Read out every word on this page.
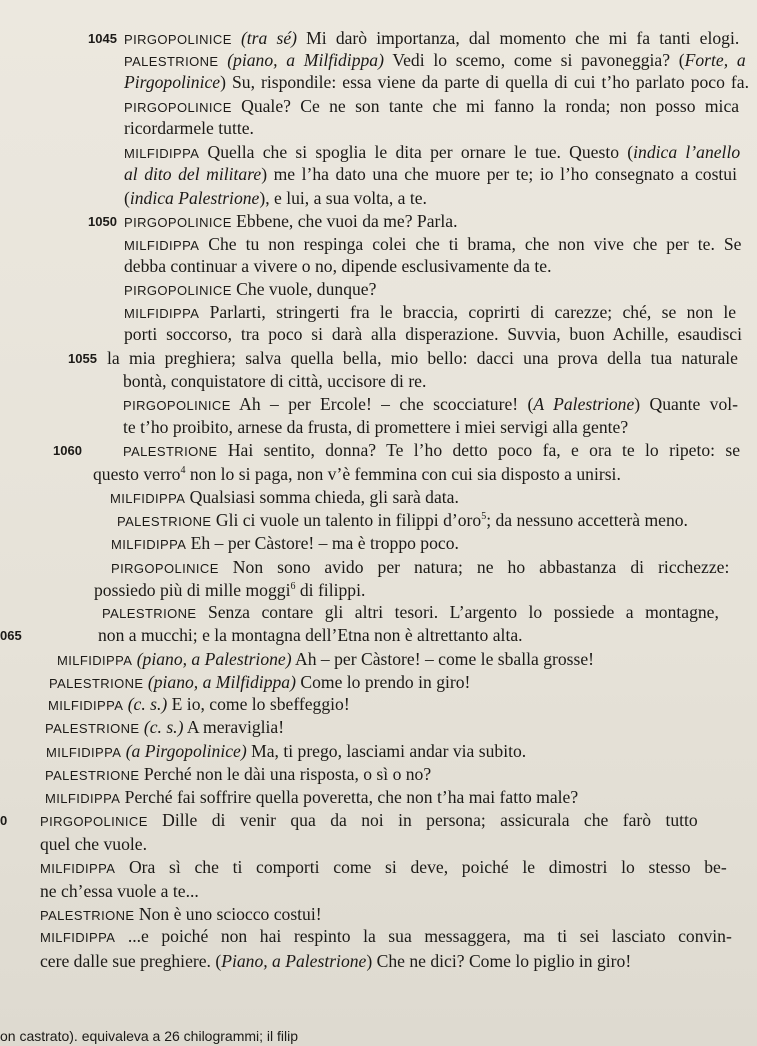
1045
1050
1055
1060
065
0
PIRGOPOLINICE (tra sé) Mi darò importanza, dal momento che mi fa tanti elogi.
PALESTRIONE (piano, a Milfidippa) Vedi lo scemo, come si pavoneggia? (Forte, a
Pirgopolinice) Su, rispondile: essa viene da parte di quella di cui t’ho parlato poco fa.
PIRGOPOLINICE Quale? Ce ne son tante che mi fanno la ronda; non posso mica
ricordarmele tutte.
MILFIDIPPA Quella che si spoglia le dita per ornare le tue. Questo (indica l’anello
al dito del militare) me l’ha dato una che muore per te; io l’ho consegnato a costui
(indica Palestrione), e lui, a sua volta, a te.
PIRGOPOLINICE Ebbene, che vuoi da me? Parla.
MILFIDIPPA Che tu non respinga colei che ti brama, che non vive che per te. Se
debba continuar a vivere o no, dipende esclusivamente da te.
PIRGOPOLINICE Che vuole, dunque?
MILFIDIPPA Parlarti, stringerti fra le braccia, coprirti di carezze; ché, se non le
porti soccorso, tra poco si darà alla disperazione. Suvvia, buon Achille, esaudisci
la mia preghiera; salva quella bella, mio bello: dacci una prova della tua naturale
bontà, conquistatore di città, uccisore di re.
PIRGOPOLINICE Ah – per Ercole! – che scocciature! (A Palestrione) Quante vol-
te t’ho proibito, arnese da frusta, di promettere i miei servigi alla gente?
PALESTRIONE Hai sentito, donna? Te l’ho detto poco fa, e ora te lo ripeto: se
questo verro$^4$ non lo si paga, non v’è femmina con cui sia disposto a unirsi.
MILFIDIPPA Qualsiasi somma chieda, gli sarà data.
PALESTRIONE Gli ci vuole un talento in filippi d’oro$^5$; da nessuno accetterà meno.
MILFIDIPPA Eh – per Càstore! – ma è troppo poco.
PIRGOPOLINICE Non sono avido per natura; ne ho abbastanza di ricchezze:
possiedo più di mille moggi$^6$ di filippi.
PALESTRIONE Senza contare gli altri tesori. L’argento lo possiede a montagne,
non a mucchi; e la montagna dell’Etna non è altrettanto alta.
MILFIDIPPA (piano, a Palestrione) Ah – per Càstore! – come le sballa grosse!
PALESTRIONE (piano, a Milfidippa) Come lo prendo in giro!
MILFIDIPPA (c. s.) E io, come lo sbeffeggio!
PALESTRIONE (c. s.) A meraviglia!
MILFIDIPPA (a Pirgopolinice) Ma, ti prego, lasciami andar via subito.
PALESTRIONE Perché non le dài una risposta, o sì o no?
MILFIDIPPA Perché fai soffrire quella poveretta, che non t’ha mai fatto male?
PIRGOPOLINICE Dille di venir qua da noi in persona; assicurala che farò tutto
quel che vuole.
MILFIDIPPA Ora sì che ti comporti come si deve, poiché le dimostri lo stesso be-
ne ch’essa vuole a te...
PALESTRIONE Non è uno sciocco costui!
MILFIDIPPA ...e poiché non hai respinto la sua messaggera, ma ti sei lasciato convin-
cere dalle sue preghiere. (Piano, a Palestrione) Che ne dici? Come lo piglio in giro!
on castrato). equivaleva a 26 chilogrammi; il filip
